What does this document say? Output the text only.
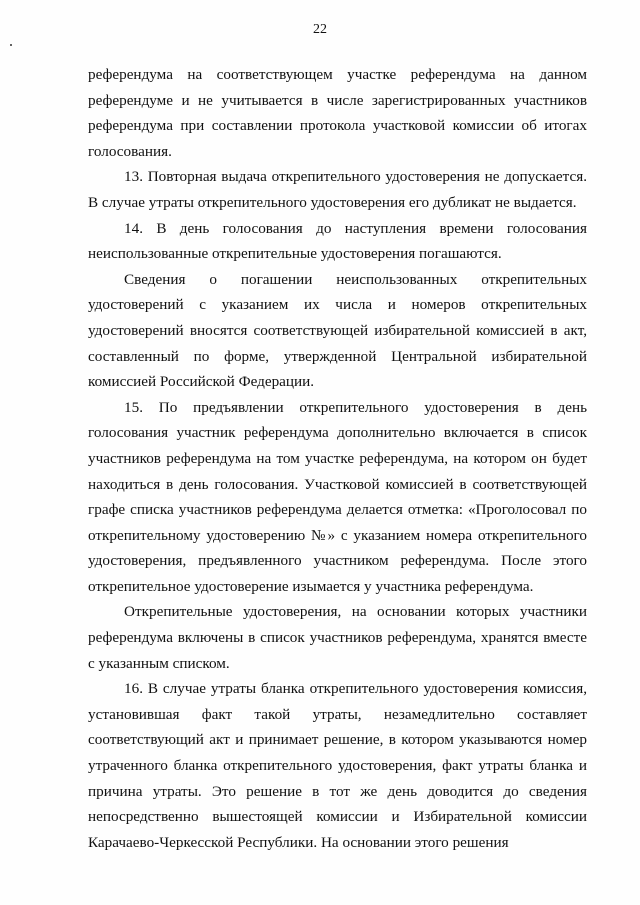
22

референдума на соответствующем участке референдума на данном референдуме и не учитывается в числе зарегистрированных участников референдума при составлении протокола участковой комиссии об итогах голосования.

13. Повторная выдача открепительного удостоверения не допускается. В случае утраты открепительного удостоверения его дубликат не выдается.

14. В день голосования до наступления времени голосования неиспользованные открепительные удостоверения погашаются.

Сведения о погашении неиспользованных открепительных удостоверений с указанием их числа и номеров открепительных удостоверений вносятся соответствующей избирательной комиссией в акт, составленный по форме, утвержденной Центральной избирательной комиссией Российской Федерации.

15. По предъявлении открепительного удостоверения в день голосования участник референдума дополнительно включается в список участников референдума на том участке референдума, на котором он будет находиться в день голосования. Участковой комиссией в соответствующей графе списка участников референдума делается отметка: «Проголосовал по открепительному удостоверению №» с указанием номера открепительного удостоверения, предъявленного участником референдума. После этого открепительное удостоверение изымается у участника референдума.

Открепительные удостоверения, на основании которых участники референдума включены в список участников референдума, хранятся вместе с указанным списком.

16. В случае утраты бланка открепительного удостоверения комиссия, установившая факт такой утраты, незамедлительно составляет соответствующий акт и принимает решение, в котором указываются номер утраченного бланка открепительного удостоверения, факт утраты бланка и причина утраты. Это решение в тот же день доводится до сведения непосредственно вышестоящей комиссии и Избирательной комиссии Карачаево-Черкесской Республики. На основании этого решения
